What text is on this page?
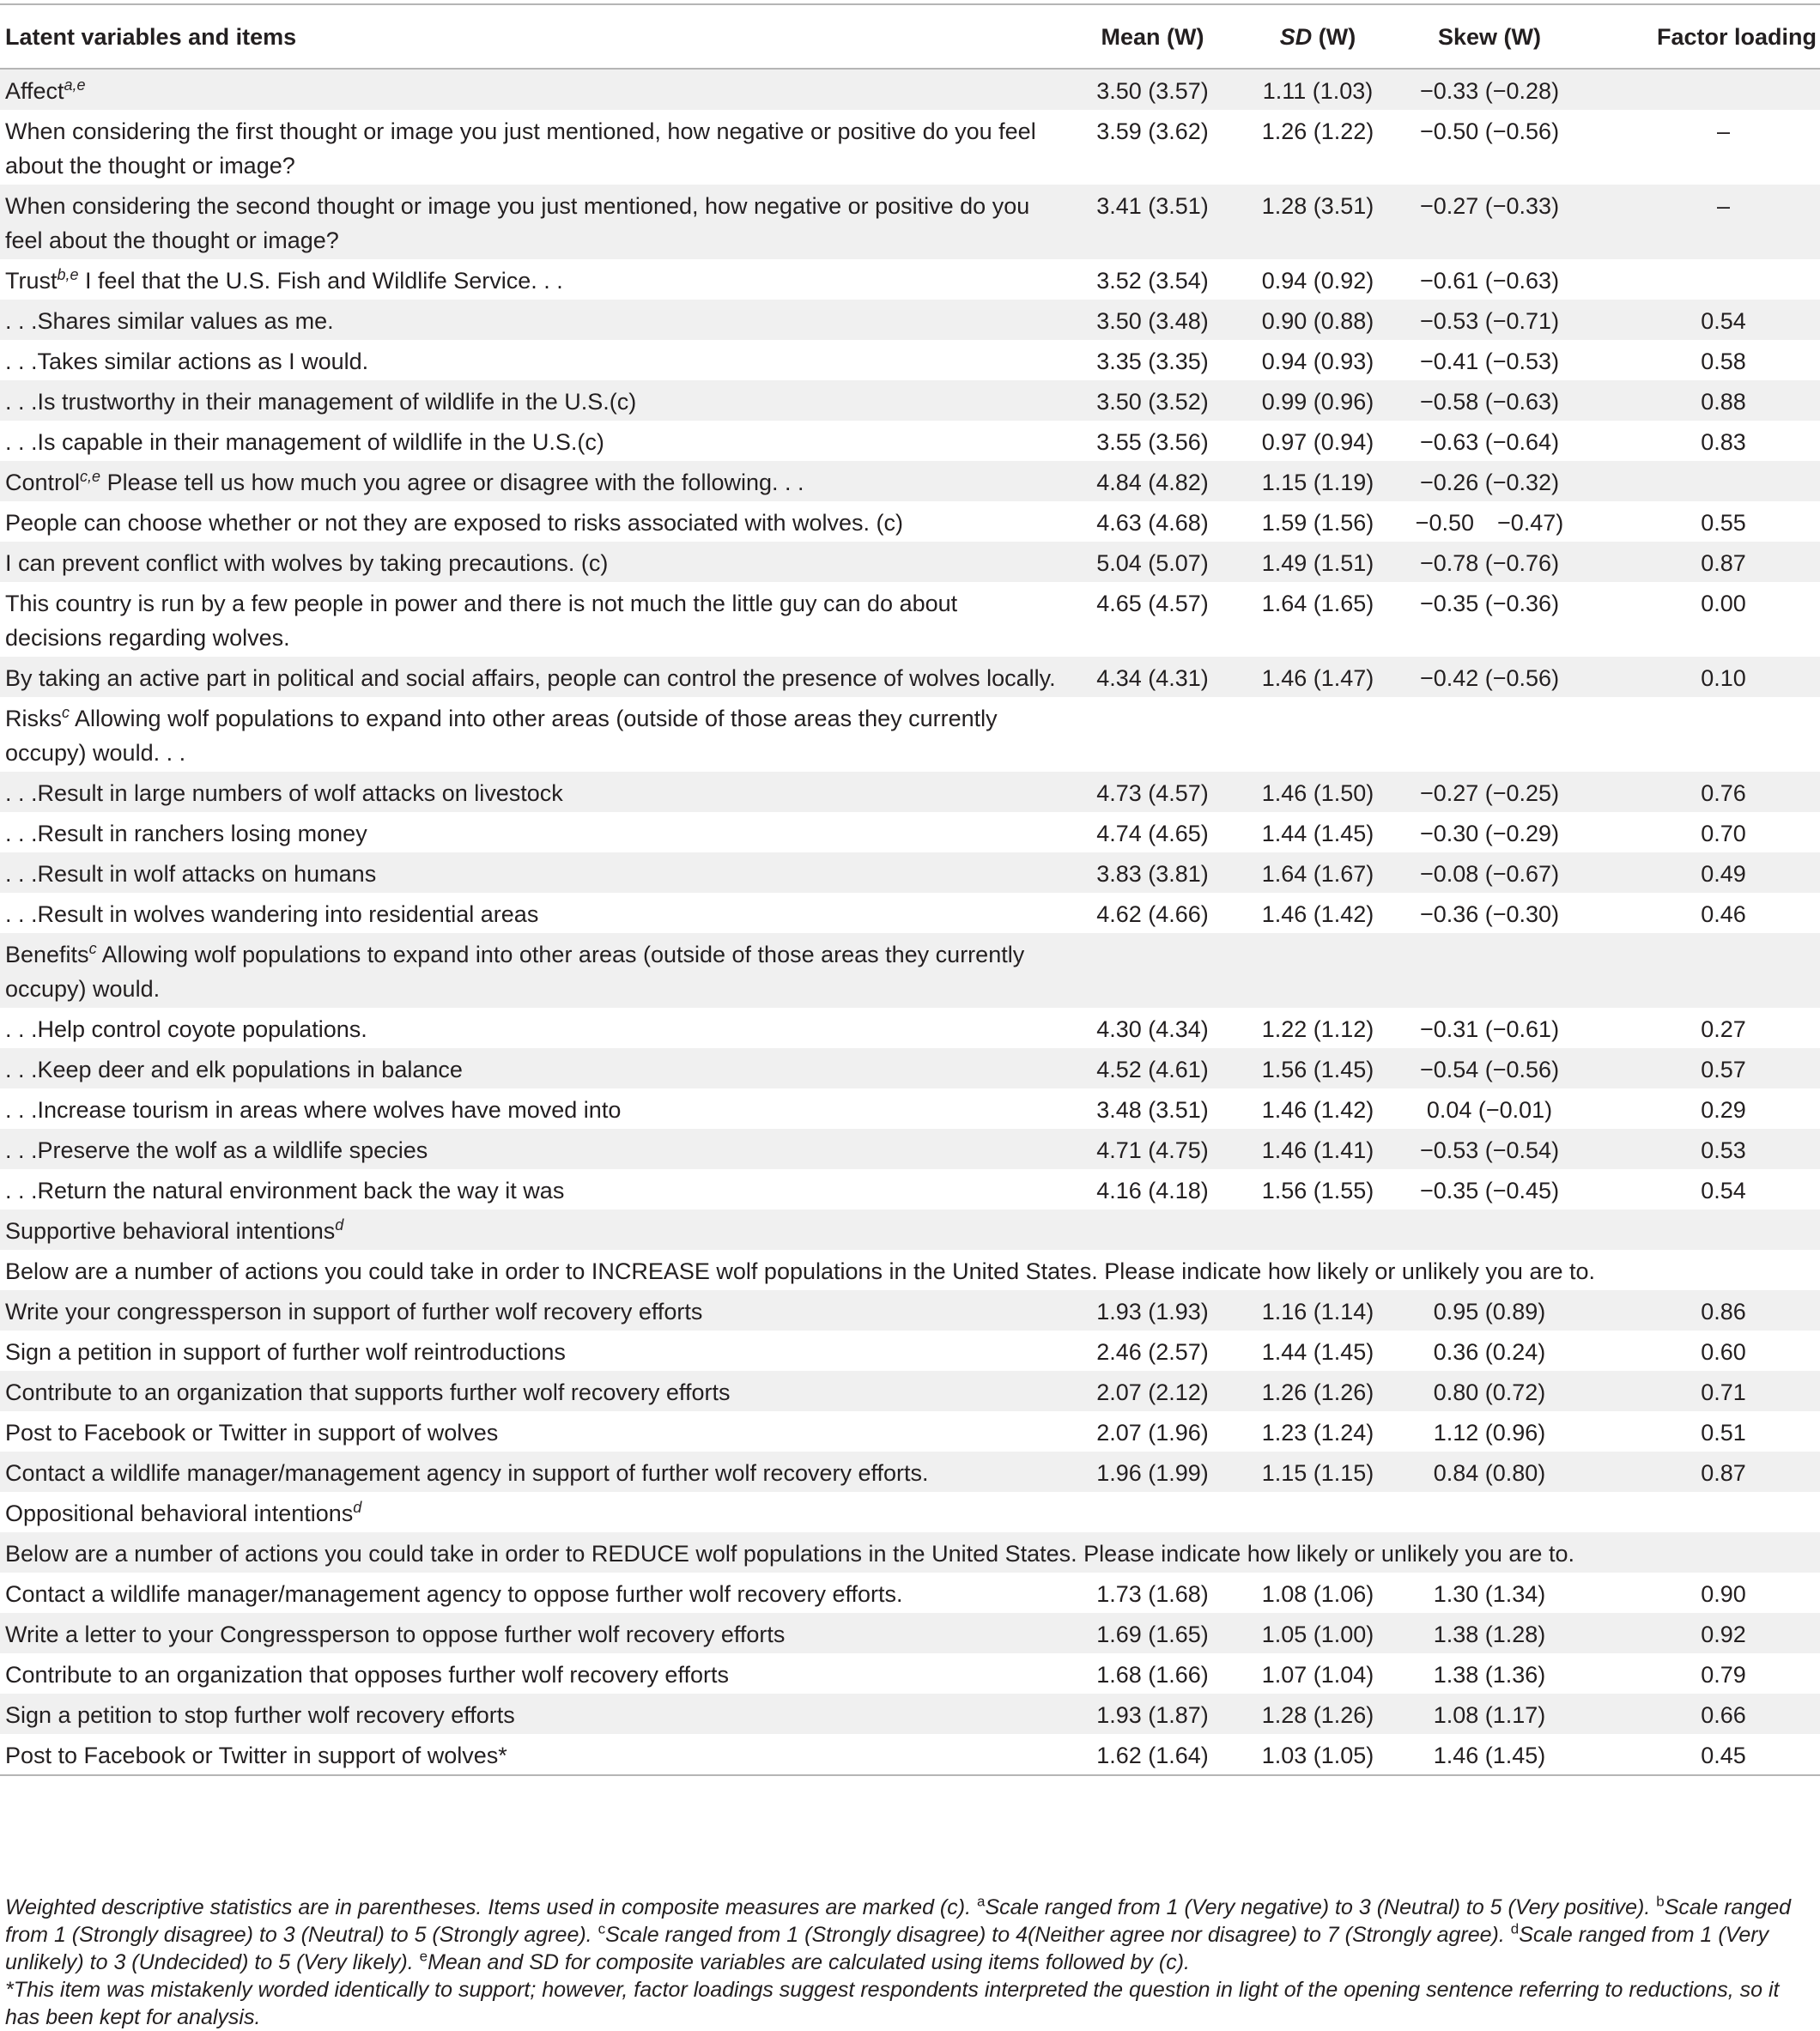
Latent variables and items	Mean (W)	SD (W)	Skew (W)	Factor loading
Affect$^{a,e}$	3.50 (3.57)	1.11 (1.03)	−0.33 (−0.28)	
When considering the first thought or image you just mentioned, how negative or positive do you feel about the thought or image?	3.59 (3.62)	1.26 (1.22)	−0.50 (−0.56)	–
When considering the second thought or image you just mentioned, how negative or positive do you feel about the thought or image?	3.41 (3.51)	1.28 (3.51)	−0.27 (−0.33)	–
Trust$^{b,e}$ I feel that the U.S. Fish and Wildlife Service. . .	3.52 (3.54)	0.94 (0.92)	−0.61 (−0.63)	
. . .Shares similar values as me.	3.50 (3.48)	0.90 (0.88)	−0.53 (−0.71)	0.54
. . .Takes similar actions as I would.	3.35 (3.35)	0.94 (0.93)	−0.41 (−0.53)	0.58
. . .Is trustworthy in their management of wildlife in the U.S.(c)	3.50 (3.52)	0.99 (0.96)	−0.58 (−0.63)	0.88
. . .Is capable in their management of wildlife in the U.S.(c)	3.55 (3.56)	0.97 (0.94)	−0.63 (−0.64)	0.83
Control$^{c,e}$ Please tell us how much you agree or disagree with the following. . .	4.84 (4.82)	1.15 (1.19)	−0.26 (−0.32)	
People can choose whether or not they are exposed to risks associated with wolves. (c)	4.63 (4.68)	1.59 (1.56)	−0.50 −0.47)	0.55
I can prevent conflict with wolves by taking precautions. (c)	5.04 (5.07)	1.49 (1.51)	−0.78 (−0.76)	0.87
This country is run by a few people in power and there is not much the little guy can do about decisions regarding wolves.	4.65 (4.57)	1.64 (1.65)	−0.35 (−0.36)	0.00
By taking an active part in political and social affairs, people can control the presence of wolves locally.	4.34 (4.31)	1.46 (1.47)	−0.42 (−0.56)	0.10
Risks$^c$ Allowing wolf populations to expand into other areas (outside of those areas they currently occupy) would. . .				
. . .Result in large numbers of wolf attacks on livestock	4.73 (4.57)	1.46 (1.50)	−0.27 (−0.25)	0.76
. . .Result in ranchers losing money	4.74 (4.65)	1.44 (1.45)	−0.30 (−0.29)	0.70
. . .Result in wolf attacks on humans	3.83 (3.81)	1.64 (1.67)	−0.08 (−0.67)	0.49
. . .Result in wolves wandering into residential areas	4.62 (4.66)	1.46 (1.42)	−0.36 (−0.30)	0.46
Benefits$^c$ Allowing wolf populations to expand into other areas (outside of those areas they currently occupy) would.				
. . .Help control coyote populations.	4.30 (4.34)	1.22 (1.12)	−0.31 (−0.61)	0.27
. . .Keep deer and elk populations in balance	4.52 (4.61)	1.56 (1.45)	−0.54 (−0.56)	0.57
. . .Increase tourism in areas where wolves have moved into	3.48 (3.51)	1.46 (1.42)	0.04 (−0.01)	0.29
. . .Preserve the wolf as a wildlife species	4.71 (4.75)	1.46 (1.41)	−0.53 (−0.54)	0.53
. . .Return the natural environment back the way it was	4.16 (4.18)	1.56 (1.55)	−0.35 (−0.45)	0.54
Supportive behavioral intentions$^d$				
Below are a number of actions you could take in order to INCREASE wolf populations in the United States. Please indicate how likely or unlikely you are to.				
Write your congressperson in support of further wolf recovery efforts	1.93 (1.93)	1.16 (1.14)	0.95 (0.89)	0.86
Sign a petition in support of further wolf reintroductions	2.46 (2.57)	1.44 (1.45)	0.36 (0.24)	0.60
Contribute to an organization that supports further wolf recovery efforts	2.07 (2.12)	1.26 (1.26)	0.80 (0.72)	0.71
Post to Facebook or Twitter in support of wolves	2.07 (1.96)	1.23 (1.24)	1.12 (0.96)	0.51
Contact a wildlife manager/management agency in support of further wolf recovery efforts.	1.96 (1.99)	1.15 (1.15)	0.84 (0.80)	0.87
Oppositional behavioral intentions$^d$				
Below are a number of actions you could take in order to REDUCE wolf populations in the United States. Please indicate how likely or unlikely you are to.				
Contact a wildlife manager/management agency to oppose further wolf recovery efforts.	1.73 (1.68)	1.08 (1.06)	1.30 (1.34)	0.90
Write a letter to your Congressperson to oppose further wolf recovery efforts	1.69 (1.65)	1.05 (1.00)	1.38 (1.28)	0.92
Contribute to an organization that opposes further wolf recovery efforts	1.68 (1.66)	1.07 (1.04)	1.38 (1.36)	0.79
Sign a petition to stop further wolf recovery efforts	1.93 (1.87)	1.28 (1.26)	1.08 (1.17)	0.66
Post to Facebook or Twitter in support of wolves*	1.62 (1.64)	1.03 (1.05)	1.46 (1.45)	0.45
Weighted descriptive statistics are in parentheses. Items used in composite measures are marked (c). $^a$Scale ranged from 1 (Very negative) to 3 (Neutral) to 5 (Very positive). $^b$Scale ranged from 1 (Strongly disagree) to 3 (Neutral) to 5 (Strongly agree). $^c$Scale ranged from 1 (Strongly disagree) to 4(Neither agree nor disagree) to 7 (Strongly agree). $^d$Scale ranged from 1 (Very unlikely) to 3 (Undecided) to 5 (Very likely). $^e$Mean and SD for composite variables are calculated using items followed by (c).
*This item was mistakenly worded identically to support; however, factor loadings suggest respondents interpreted the question in light of the opening sentence referring to reductions, so it has been kept for analysis.
